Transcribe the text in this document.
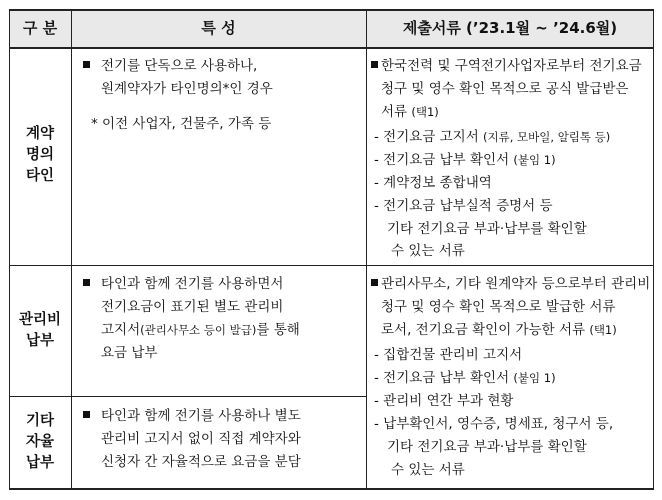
구 분	특 성	제출서류 (’23.1월 ~ ’24.6월)
계약
명의
타인
관리비
납부
기타
자율
납부
전기를 단독으로 사용하나,
원계약자가 타인명의*인 경우
* 이전 사업자, 건물주, 가족 등
타인과 함께 전기를 사용하면서
전기요금이 표기된 별도 관리비
고지서(관리사무소 등이 발급)를 통해
요금 납부
타인과 함께 전기를 사용하나 별도
관리비 고지서 없이 직접 계약자와
신청자 간 자율적으로 요금을 분담
한국전력 및 구역전기사업자로부터 전기요금
청구 및 영수 확인 목적으로 공식 발급받은
서류 (택1)
- 전기요금 고지서 (지류, 모바일, 알림톡 등)
- 전기요금 납부 확인서 (붙임 1)
- 계약정보 종합내역
- 전기요금 납부실적 증명서 등
기타 전기요금 부과·납부를 확인할
수 있는 서류
관리사무소, 기타 원계약자 등으로부터 관리비
청구 및 영수 확인 목적으로 발급한 서류
로서, 전기요금 확인이 가능한 서류 (택1)
- 집합건물 관리비 고지서
- 전기요금 납부 확인서 (붙임 1)
- 관리비 연간 부과 현황
- 납부확인서, 영수증, 명세표, 청구서 등,
기타 전기요금 부과·납부를 확인할
수 있는 서류
